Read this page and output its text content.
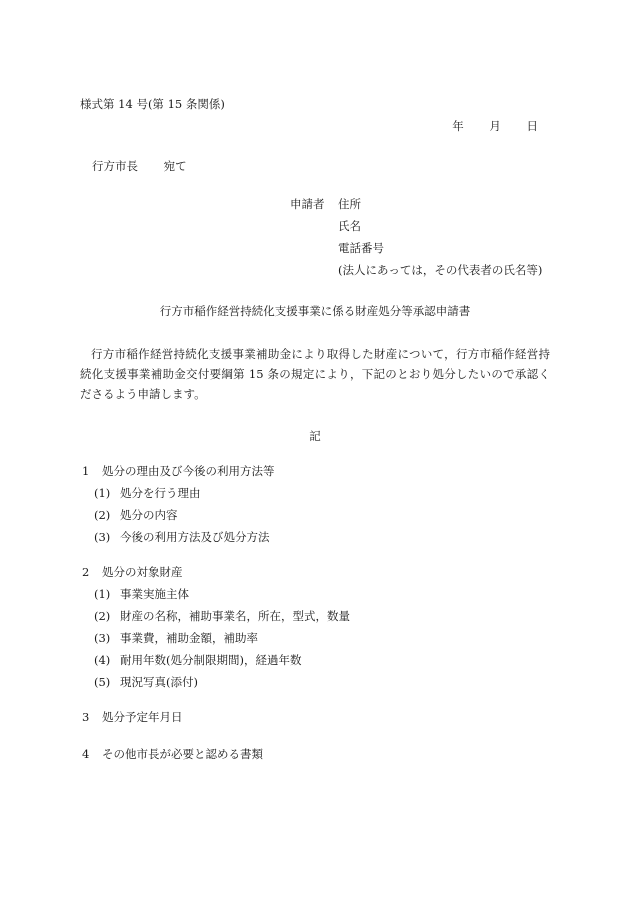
様式第 14 号(第 15 条関係)
年 月 日
行方市長 宛て
申請者 住所
氏名
電話番号
(法人にあっては，その代表者の氏名等)
行方市稲作経営持続化支援事業に係る財産処分等承認申請書
行方市稲作経営持続化支援事業補助金により取得した財産について，行方市稲作経営持続化支援事業補助金交付要綱第 15 条の規定により，下記のとおり処分したいので承認くださるよう申請します。
記
1 処分の理由及び今後の利用方法等
(1) 処分を行う理由
(2) 処分の内容
(3) 今後の利用方法及び処分方法
2 処分の対象財産
(1) 事業実施主体
(2) 財産の名称，補助事業名，所在，型式，数量
(3) 事業費，補助金額，補助率
(4) 耐用年数(処分制限期間)，経過年数
(5) 現況写真(添付)
3 処分予定年月日
4 その他市長が必要と認める書類
